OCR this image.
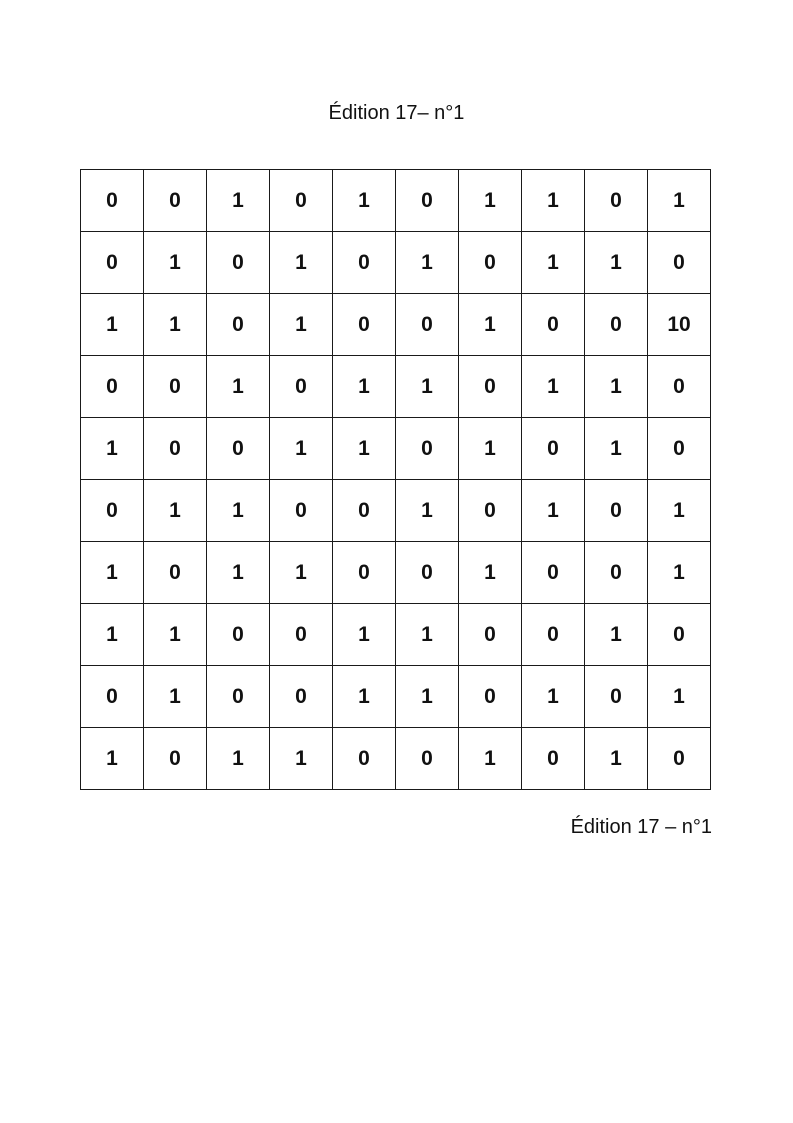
Édition 17– n°1
0	0	1	0	1	0	1	1	0	1
0	1	0	1	0	1	0	1	1	0
1	1	0	1	0	0	1	0	0	10
0	0	1	0	1	1	0	1	1	0
1	0	0	1	1	0	1	0	1	0
0	1	1	0	0	1	0	1	0	1
1	0	1	1	0	0	1	0	0	1
1	1	0	0	1	1	0	0	1	0
0	1	0	0	1	1	0	1	0	1
1	0	1	1	0	0	1	0	1	0
Édition 17 – n°1
